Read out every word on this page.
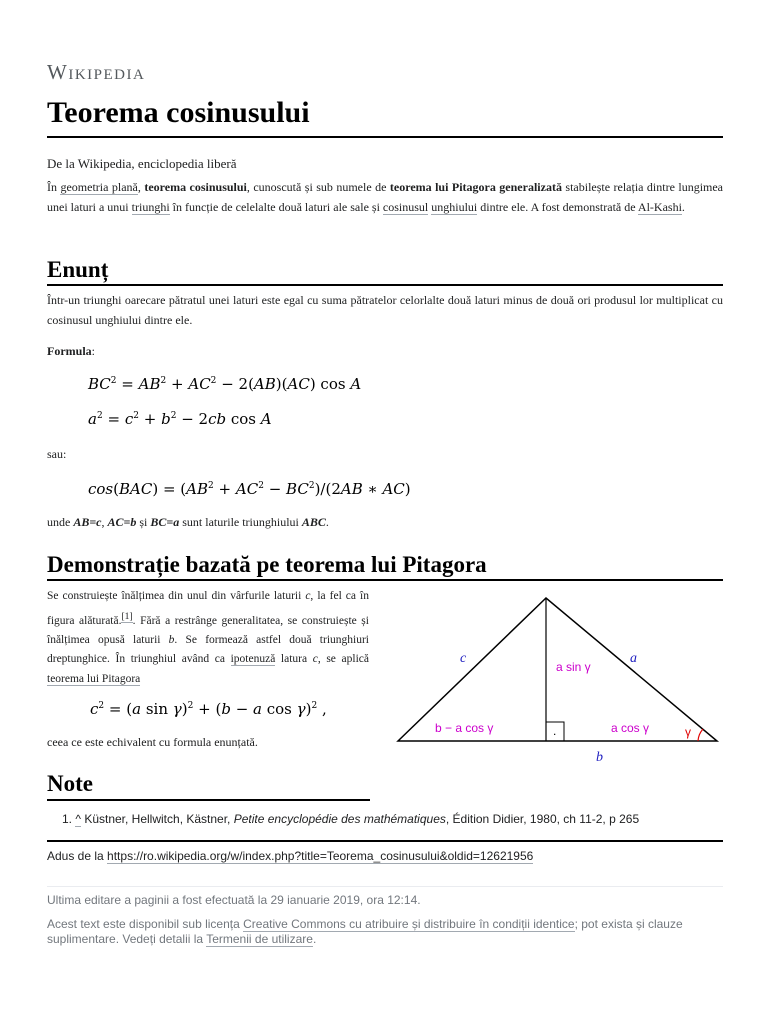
Wikipedia
Teorema cosinusului
De la Wikipedia, enciclopedia liberă
În geometria plană, teorema cosinusului, cunoscută și sub numele de teorema lui Pitagora generalizată stabilește relația dintre lungimea unei laturi a unui triunghi în funcție de celelalte două laturi ale sale și cosinusul unghiului dintre ele. A fost demonstrată de Al-Kashi.
Enunț
Într-un triunghi oarecare pătratul unei laturi este egal cu suma pătratelor celorlalte două laturi minus de două ori produsul lor multiplicat cu cosinusul unghiului dintre ele.
Formula:
$BC^2 = AB^2 + AC^2 - 2(AB)(AC)$ cos A
$a^2 = c^2 + b^2 - 2cb$ cos A
sau:
$\cos(BAC) = (AB^2 + AC^2 - BC^2)/(2AB$ ∗ AC)
unde AB=c, AC=b și BC=a sunt laturile triunghiului ABC.
Demonstrație bazată pe teorema lui Pitagora
Se construiește înălțimea din unul din vârfurile laturii c, la fel ca în figura alăturată.[1]. Fără a restrânge generalitatea, se construiește și înălțimea opusă laturii b. Se formează astfel două triunghiuri dreptunghice. În triunghiul având ca ipotenuză latura c, se aplică teorema lui Pitagora
$c^2 = (a$ sin γ)$^2$ + (b − a cos γ)$^2$ ,
ceea ce este echivalent cu formula enunțată.
c	a
b
a sin γ
b − a cos γ	a cos γ	γ
.
Note
1. ^ Küstner, Hellwitch, Kästner, Petite encyclopédie des mathématiques, Édition Didier, 1980, ch 11-2, p 265
Adus de la https://ro.wikipedia.org/w/index.php?title=Teorema_cosinusului&oldid=12621956
Ultima editare a paginii a fost efectuată la 29 ianuarie 2019, ora 12:14.
Acest text este disponibil sub licența Creative Commons cu atribuire și distribuire în condiții identice; pot exista și clauze suplimentare. Vedeți detalii la Termenii de utilizare.
